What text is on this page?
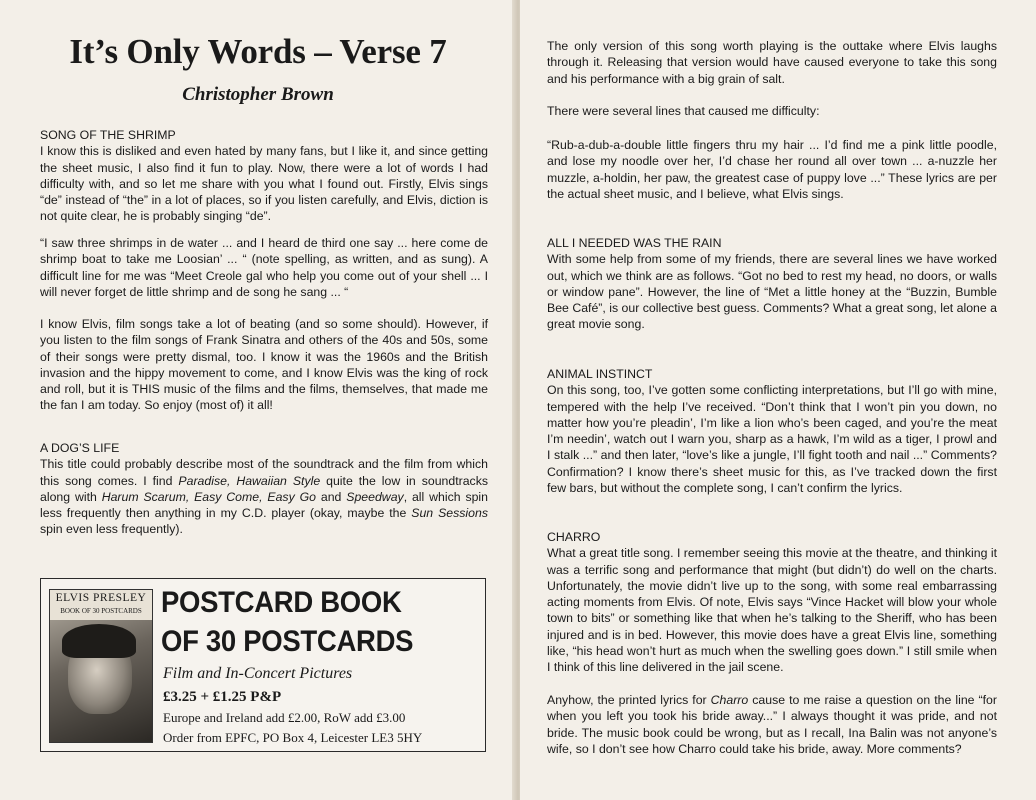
It’s Only Words – Verse 7
Christopher Brown
SONG OF THE SHRIMP

I know this is disliked and even hated by many fans, but I like it, and since getting the sheet music, I also find it fun to play. Now, there were a lot of words I had difficulty with, and so let me share with you what I found out. Firstly, Elvis sings “de” instead of “the” in a lot of places, so if you listen carefully, and Elvis, diction is not quite clear, he is probably singing “de”.

“I saw three shrimps in de water ... and I heard de third one say ... here come de shrimp boat to take me Loosian’ ... “ (note spelling, as written, and as sung). A difficult line for me was “Meet Creole gal who help you come out of your shell ... I will never forget de little shrimp and de song he sang ... “

I know Elvis, film songs take a lot of beating (and so some should). However, if you listen to the film songs of Frank Sinatra and others of the 40s and 50s, some of their songs were pretty dismal, too. I know it was the 1960s and the British invasion and the hippy movement to come, and I know Elvis was the king of rock and roll, but it is THIS music of the films and the films, themselves, that made me the fan I am today. So enjoy (most of) it all!

A DOG’S LIFE

This title could probably describe most of the soundtrack and the film from which this song comes. I find Paradise, Hawaiian Style quite the low in soundtracks along with Harum Scarum, Easy Come, Easy Go and Speedway, all which spin less frequently then anything in my C.D. player (okay, maybe the Sun Sessions spin even less frequently).

ELVIS PRESLEY
BOOK OF 30 POSTCARDS POSTCARD BOOK
OF 30 POSTCARDS
Film and In-Concert Pictures
£3.25 + £1.25 P&P
Europe and Ireland add £2.00, RoW add £3.00
Order from EPFC, PO Box 4, Leicester LE3 5HY

The only version of this song worth playing is the outtake where Elvis laughs through it. Releasing that version would have caused everyone to take this song and his performance with a big grain of salt.

There were several lines that caused me difficulty:

“Rub-a-dub-a-double little fingers thru my hair ... I’d find me a pink little poodle, and lose my noodle over her, I’d chase her round all over town ... a-nuzzle her muzzle, a-holdin, her paw, the greatest case of puppy love ...” These lyrics are per the actual sheet music, and I believe, what Elvis sings.

ALL I NEEDED WAS THE RAIN

With some help from some of my friends, there are several lines we have worked out, which we think are as follows. “Got no bed to rest my head, no doors, or walls or window pane”. However, the line of “Met a little honey at the “Buzzin, Bumble Bee Café”, is our collective best guess. Comments? What a great song, let alone a great movie song.

ANIMAL INSTINCT

On this song, too, I’ve gotten some conflicting interpretations, but I’ll go with mine, tempered with the help I’ve received. “Don’t think that I won’t pin you down, no matter how you’re pleadin’, I’m like a lion who’s been caged, and you’re the meat I’m needin’, watch out I warn you, sharp as a hawk, I’m wild as a tiger, I prowl and I stalk ...” and then later, “love’s like a jungle, I’ll fight tooth and nail ...” Comments? Confirmation? I know there’s sheet music for this, as I’ve tracked down the first few bars, but without the complete song, I can’t confirm the lyrics.

CHARRO

What a great title song. I remember seeing this movie at the theatre, and thinking it was a terrific song and performance that might (but didn’t) do well on the charts. Unfortunately, the movie didn’t live up to the song, with some real embarrassing acting moments from Elvis. Of note, Elvis says “Vince Hacket will blow your whole town to bits” or something like that when he’s talking to the Sheriff, who has been injured and is in bed. However, this movie does have a great Elvis line, something like, “his head won’t hurt as much when the swelling goes down.” I still smile when I think of this line delivered in the jail scene.

Anyhow, the printed lyrics for Charro cause to me raise a question on the line “for when you left you took his bride away...” I always thought it was pride, and not bride. The music book could be wrong, but as I recall, Ina Balin was not anyone’s wife, so I don’t see how Charro could take his bride, away. More comments?
